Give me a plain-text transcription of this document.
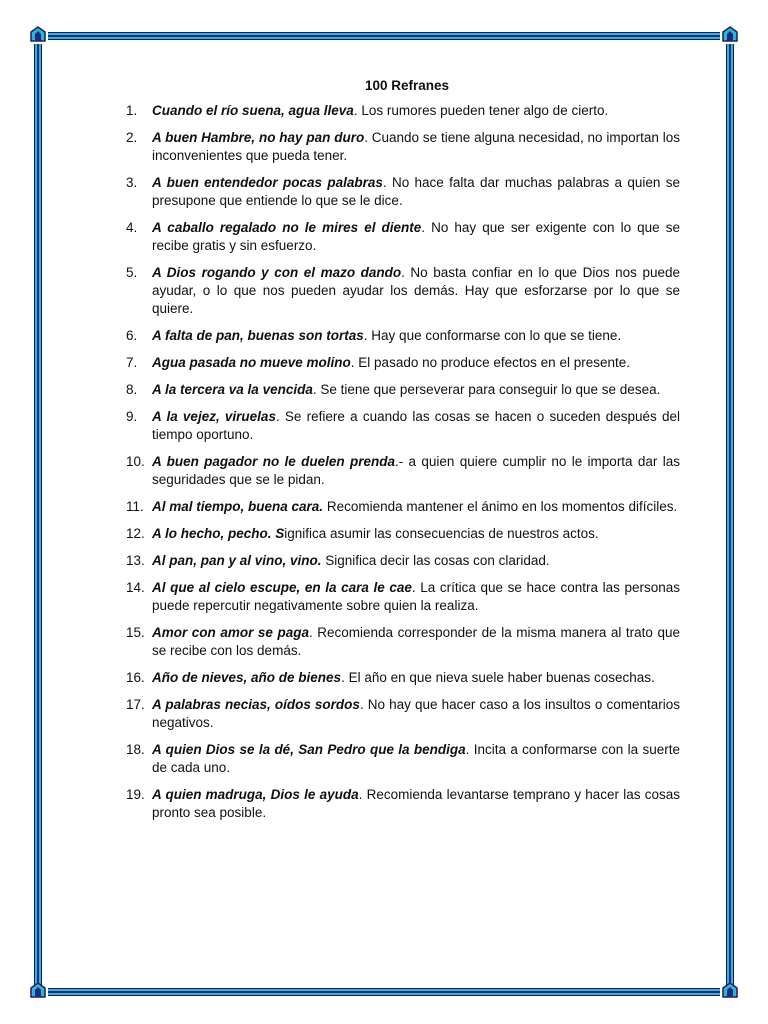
100 Refranes
1. Cuando el río suena, agua lleva. Los rumores pueden tener algo de cierto.
2. A buen Hambre, no hay pan duro. Cuando se tiene alguna necesidad, no importan los inconvenientes que pueda tener.
3. A buen entendedor pocas palabras. No hace falta dar muchas palabras a quien se presupone que entiende lo que se le dice.
4. A caballo regalado no le mires el diente. No hay que ser exigente con lo que se recibe gratis y sin esfuerzo.
5. A Dios rogando y con el mazo dando. No basta confiar en lo que Dios nos puede ayudar, o lo que nos pueden ayudar los demás. Hay que esforzarse por lo que se quiere.
6. A falta de pan, buenas son tortas. Hay que conformarse con lo que se tiene.
7. Agua pasada no mueve molino. El pasado no produce efectos en el presente.
8. A la tercera va la vencida. Se tiene que perseverar para conseguir lo que se desea.
9. A la vejez, viruelas. Se refiere a cuando las cosas se hacen o suceden después del tiempo oportuno.
10. A buen pagador no le duelen prenda.- a quien quiere cumplir no le importa dar las seguridades que se le pidan.
11. Al mal tiempo, buena cara. Recomienda mantener el ánimo en los momentos difíciles.
12. A lo hecho, pecho. Significa asumir las consecuencias de nuestros actos.
13. Al pan, pan y al vino, vino. Significa decir las cosas con claridad.
14. Al que al cielo escupe, en la cara le cae. La crítica que se hace contra las personas puede repercutir negativamente sobre quien la realiza.
15. Amor con amor se paga. Recomienda corresponder de la misma manera al trato que se recibe con los demás.
16. Año de nieves, año de bienes. El año en que nieva suele haber buenas cosechas.
17. A palabras necias, oídos sordos. No hay que hacer caso a los insultos o comentarios negativos.
18. A quien Dios se la dé, San Pedro que la bendiga. Incita a conformarse con la suerte de cada uno.
19. A quien madruga, Dios le ayuda. Recomienda levantarse temprano y hacer las cosas pronto sea posible.
